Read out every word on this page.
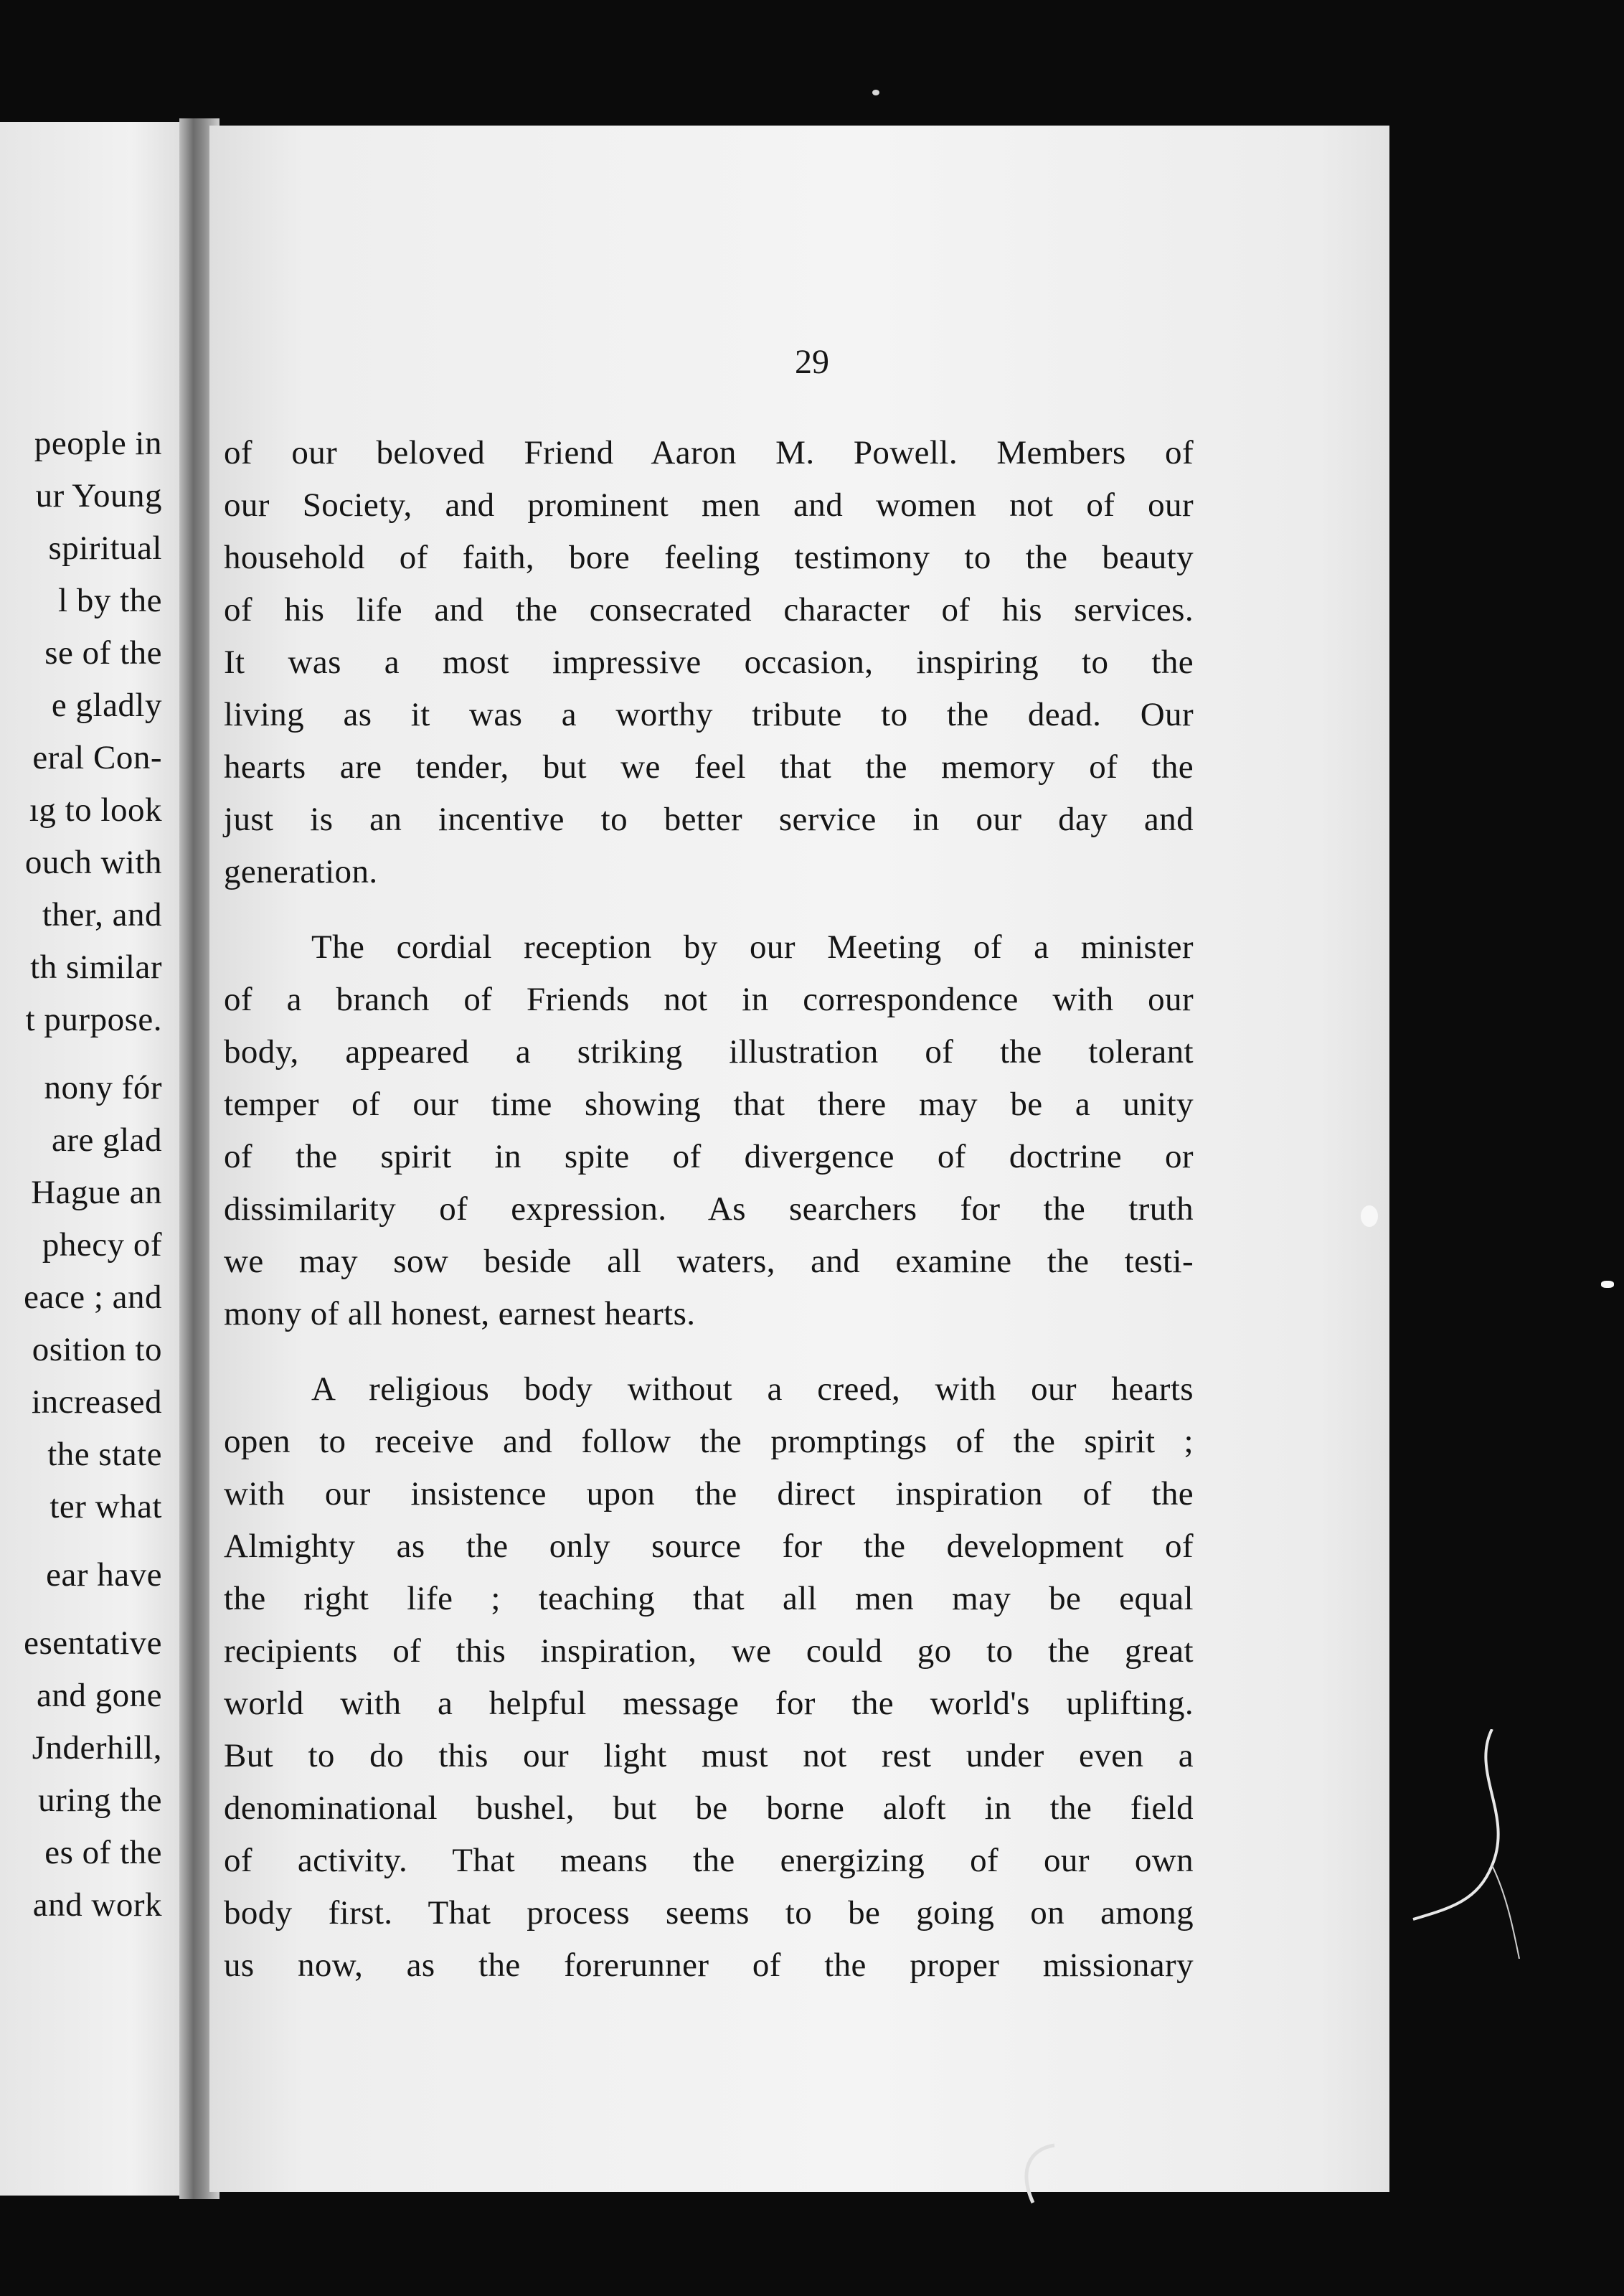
people in
ur Young
spiritual
l by the
se of the
e gladly
eral Con-
ıg to look
ouch with
ther, and
th similar
t purpose.
nony fór
are glad
Hague an
phecy of
eace ; and
osition to
increased
the state
ter what
ear have
esentative
and gone
Jnderhill,
uring the
es of the
and work
29
of our beloved Friend Aaron M. Powell. Members of
our Society, and prominent men and women not of our
household of faith, bore feeling testimony to the beauty
of his life and the consecrated character of his services.
It was a most impressive occasion, inspiring to the
living as it was a worthy tribute to the dead. Our
hearts are tender, but we feel that the memory of the
just is an incentive to better service in our day and
generation.
The cordial reception by our Meeting of a minister
of a branch of Friends not in correspondence with our
body, appeared a striking illustration of the tolerant
temper of our time showing that there may be a unity
of the spirit in spite of divergence of doctrine or
dissimilarity of expression. As searchers for the truth
we may sow beside all waters, and examine the testi-
mony of all honest, earnest hearts.
A religious body without a creed, with our hearts
open to receive and follow the promptings of the spirit ;
with our insistence upon the direct inspiration of the
Almighty as the only source for the development of
the right life ; teaching that all men may be equal
recipients of this inspiration, we could go to the great
world with a helpful message for the world's uplifting.
But to do this our light must not rest under even a
denominational bushel, but be borne aloft in the field
of activity. That means the energizing of our own
body first. That process seems to be going on among
us now, as the forerunner of the proper missionary
